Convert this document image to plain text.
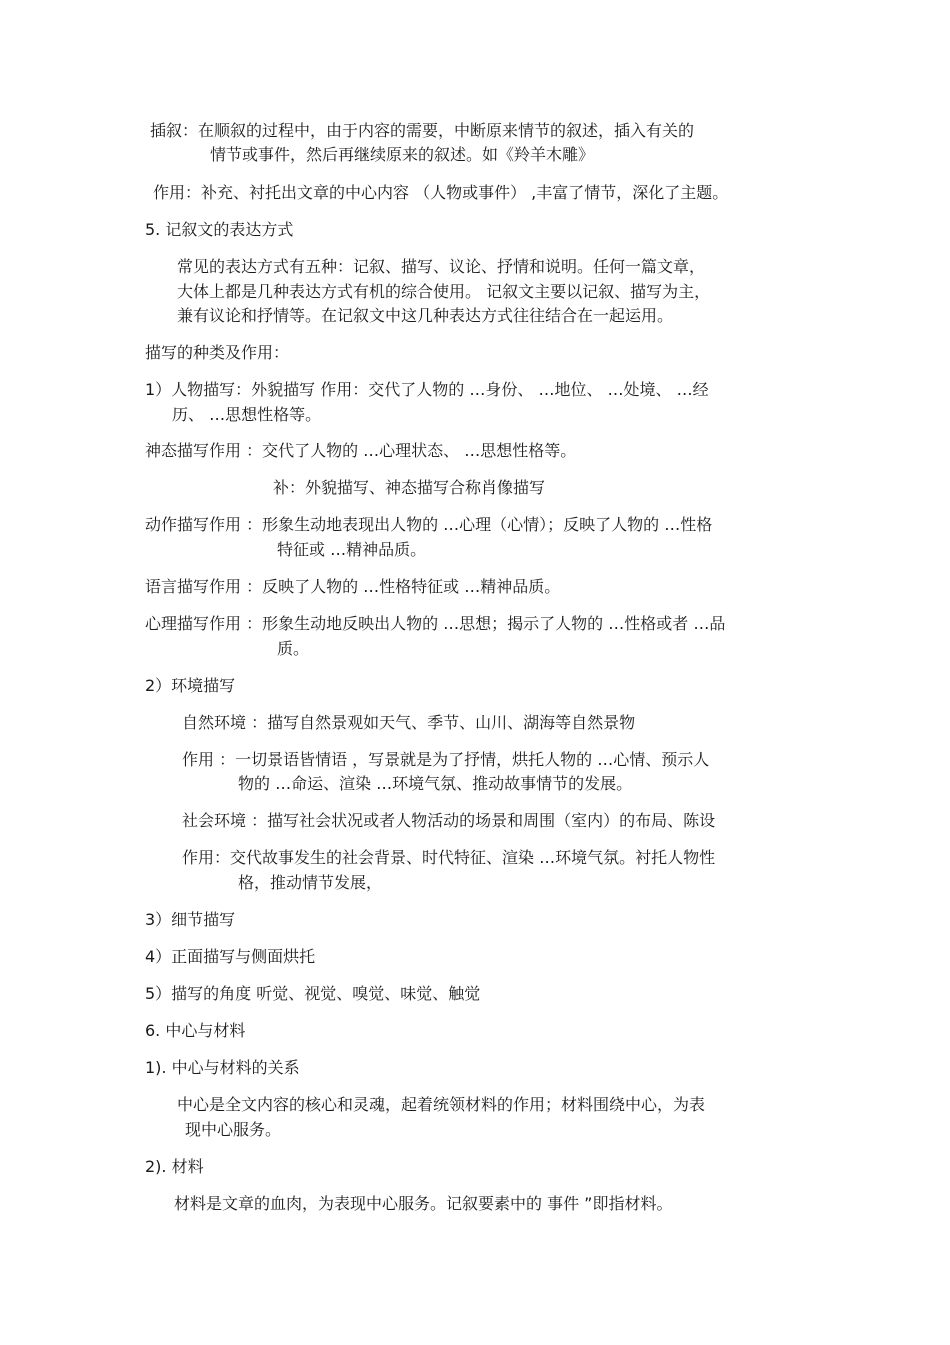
插叙：在顺叙的过程中，由于内容的需要，中断原来情节的叙述，插入有关的

情节或事件，然后再继续原来的叙述。如《羚羊木雕》

作用：补充、衬托出文章的中心内容 （人物或事件） ,丰富了情节，深化了主题。

5. 记叙文的表达方式

常见的表达方式有五种：记叙、描写、议论、抒情和说明。任何一篇文章，

大体上都是几种表达方式有机的综合使用。 记叙文主要以记叙、描写为主，

兼有议论和抒情等。在记叙文中这几种表达方式往往结合在一起运用。

描写的种类及作用：

1）人物描写：外貌描写 作用：交代了人物的 …身份、 …地位、 …处境、 …经

历、 …思想性格等。

神态描写作用 ：交代了人物的 …心理状态、 …思想性格等。

补：外貌描写、神态描写合称肖像描写

动作描写作用 ：形象生动地表现出人物的 …心理（心情）；反映了人物的 …性格

特征或 …精神品质。

语言描写作用 ：反映了人物的 …性格特征或 …精神品质。

心理描写作用 ：形象生动地反映出人物的 …思想；揭示了人物的 …性格或者 …品

质。

2）环境描写

自然环境 ：描写自然景观如天气、季节、山川、湖海等自然景物

作用 ：一切景语皆情语 ，写景就是为了抒情，烘托人物的 …心情、预示人

物的 …命运、渲染 …环境气氛、推动故事情节的发展。

社会环境 ：描写社会状况或者人物活动的场景和周围（室内）的布局、陈设

作用：交代故事发生的社会背景、时代特征、渲染 …环境气氛。衬托人物性

格，推动情节发展，

3）细节描写

4）正面描写与侧面烘托

5）描写的角度 听觉、视觉、嗅觉、味觉、触觉

6. 中心与材料

1). 中心与材料的关系

中心是全文内容的核心和灵魂，起着统领材料的作用；材料围绕中心，为表

现中心服务。

2). 材料

材料是文章的血肉，为表现中心服务。记叙要素中的 事件 ”即指材料。
